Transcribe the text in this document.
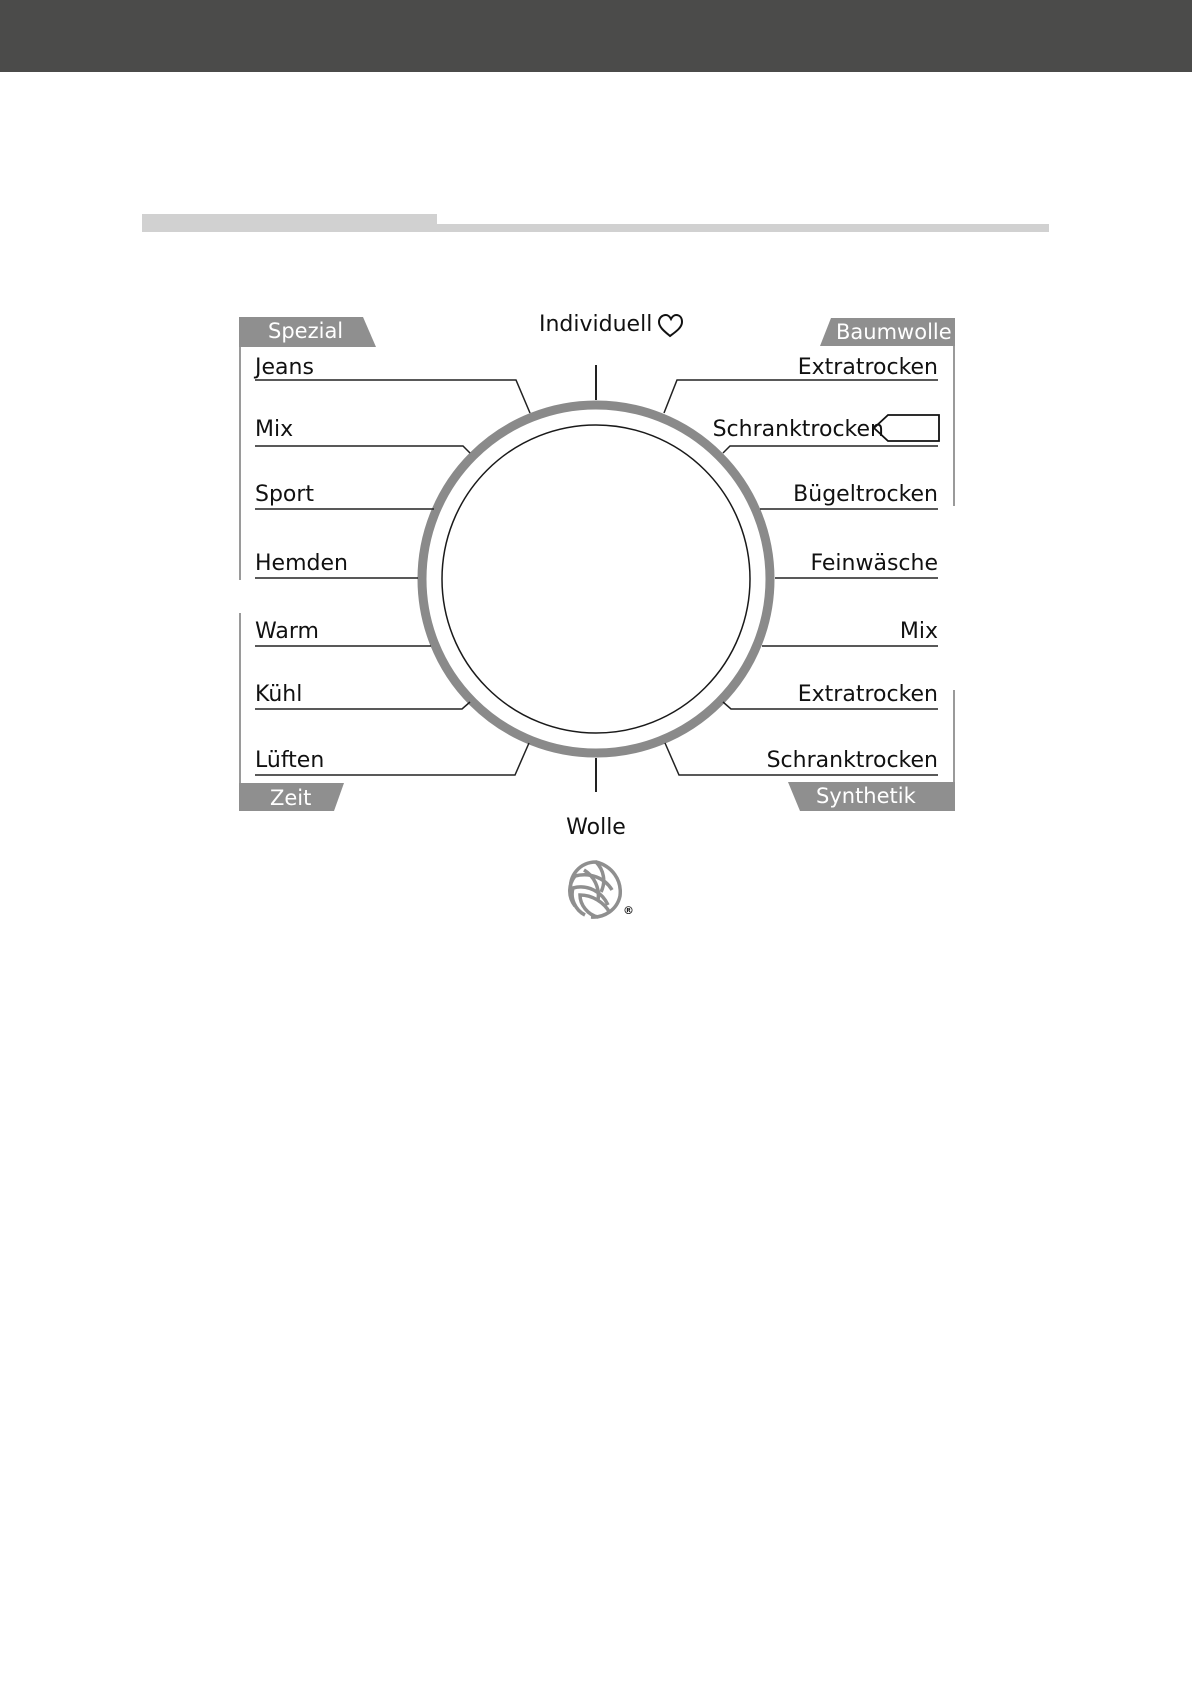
Spezial	Baumwolle
Zeit	Synthetik
Individuell
Jeans
Mix
Sport
Hemden
Warm
Kühl
Lüften
Extratrocken
Schranktrocken
Bügeltrocken
Feinwäsche
Mix
Extratrocken
Schranktrocken
Wolle
®
